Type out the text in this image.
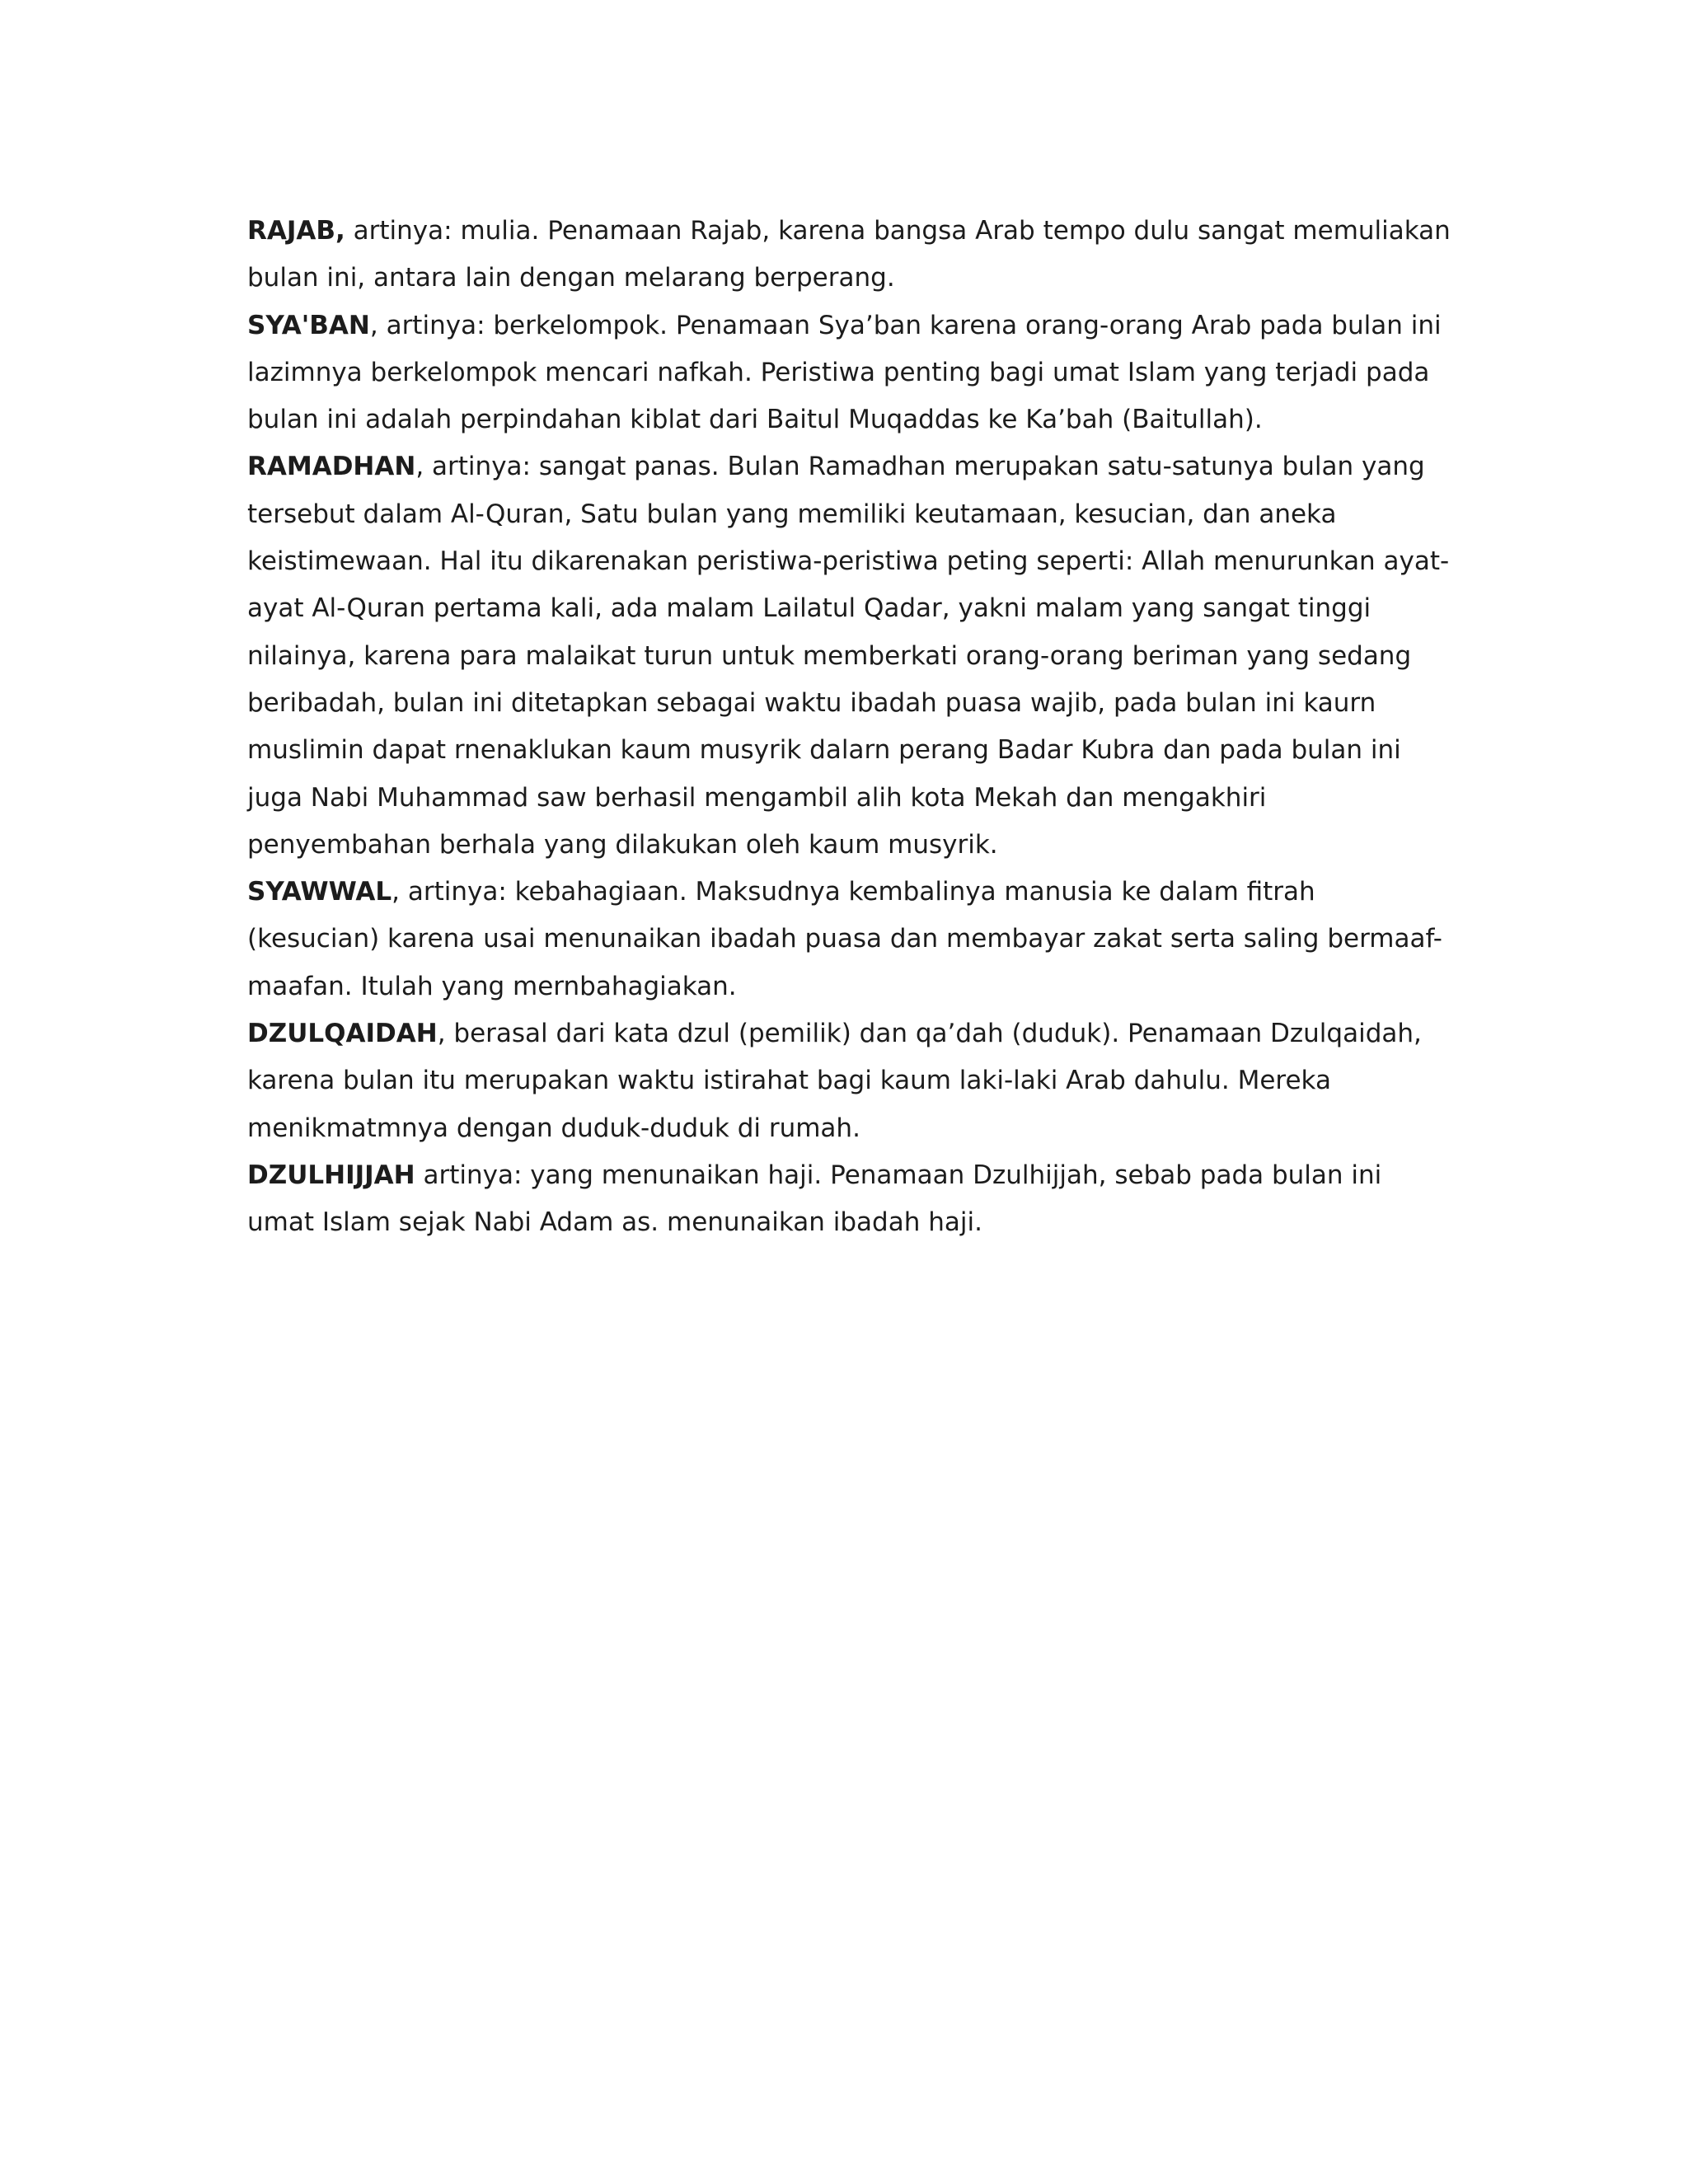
RAJAB, artinya: mulia. Penamaan Rajab, karena bangsa Arab tempo dulu sangat memuliakan bulan ini, antara lain dengan melarang berperang.

SYA'BAN, artinya: berkelompok. Penamaan Sya’ban karena orang-orang Arab pada bulan ini lazimnya berkelompok mencari nafkah. Peristiwa penting bagi umat Islam yang terjadi pada bulan ini adalah perpindahan kiblat dari Baitul Muqaddas ke Ka’bah (Baitullah).

RAMADHAN, artinya: sangat panas. Bulan Ramadhan merupakan satu-satunya bulan yang tersebut dalam Al-Quran, Satu bulan yang memiliki keutamaan, kesucian, dan aneka keistimewaan. Hal itu dikarenakan peristiwa-peristiwa peting seperti: Allah menurunkan ayat-ayat Al-Quran pertama kali, ada malam Lailatul Qadar, yakni malam yang sangat tinggi nilainya, karena para malaikat turun untuk memberkati orang-orang beriman yang sedang beribadah, bulan ini ditetapkan sebagai waktu ibadah puasa wajib, pada bulan ini kaurn muslimin dapat rnenaklukan kaum musyrik dalarn perang Badar Kubra dan pada bulan ini juga Nabi Muhammad saw berhasil mengambil alih kota Mekah dan mengakhiri penyembahan berhala yang dilakukan oleh kaum musyrik.

SYAWWAL, artinya: kebahagiaan. Maksudnya kembalinya manusia ke dalam fitrah (kesucian) karena usai menunaikan ibadah puasa dan membayar zakat serta saling bermaaf-maafan. Itulah yang mernbahagiakan.

DZULQAIDAH, berasal dari kata dzul (pemilik) dan qa’dah (duduk). Penamaan Dzulqaidah, karena bulan itu merupakan waktu istirahat bagi kaum laki-laki Arab dahulu. Mereka menikmatmnya dengan duduk-duduk di rumah.

DZULHIJJAH artinya: yang menunaikan haji. Penamaan Dzulhijjah, sebab pada bulan ini umat Islam sejak Nabi Adam as. menunaikan ibadah haji.
